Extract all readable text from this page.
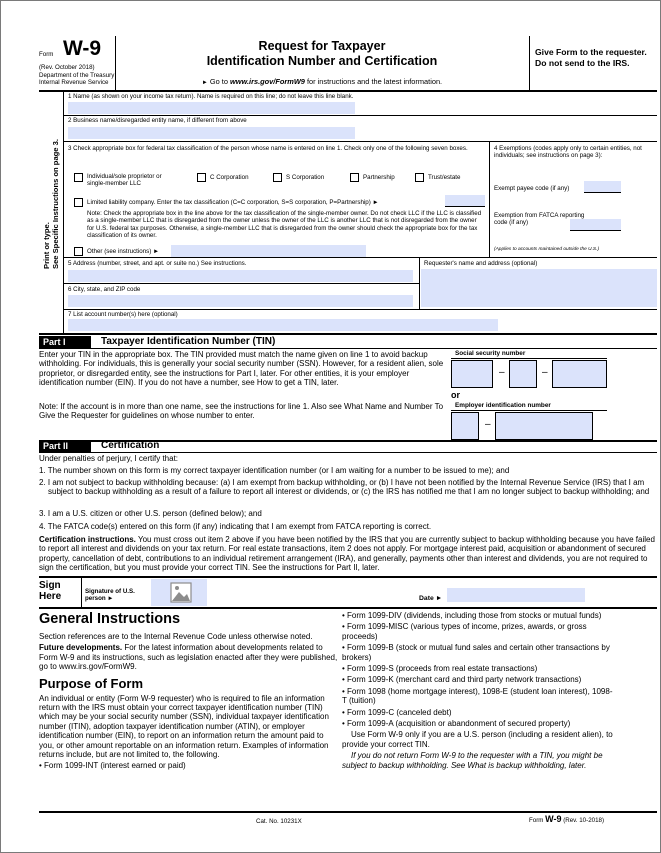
Form W-9
(Rev. October 2018)
Department of the Treasury
Internal Revenue Service
Request for Taxpayer
Identification Number and Certification
► Go to www.irs.gov/FormW9 for instructions and the latest information.
Give Form to the requester. Do not send to the IRS.
Print or type. See Specific Instructions on page 3.
1 Name (as shown on your income tax return). Name is required on this line; do not leave this line blank.
2 Business name/disregarded entity name, if different from above
3 Check appropriate box for federal tax classification of the person whose name is entered on line 1. Check only one of the following seven boxes.
Individual/sole proprietor or single-member LLC
C Corporation	S Corporation	Partnership	Trust/estate
Limited liability company. Enter the tax classification (C=C corporation, S=S corporation, P=Partnership) ►
Note: Check the appropriate box in the line above for the tax classification of the single-member owner. Do not check LLC if the LLC is classified as a single-member LLC that is disregarded from the owner unless the owner of the LLC is another LLC that is not disregarded from the owner for U.S. federal tax purposes. Otherwise, a single-member LLC that is disregarded from the owner should check the appropriate box for the tax classification of its owner.
Other (see instructions) ►
4 Exemptions (codes apply only to certain entities, not individuals; see instructions on page 3):
Exempt payee code (if any)
Exemption from FATCA reporting code (if any)
(Applies to accounts maintained outside the U.S.)
5 Address (number, street, and apt. or suite no.) See instructions.	Requester's name and address (optional)
6 City, state, and ZIP code
7 List account number(s) here (optional)
Part I	Taxpayer Identification Number (TIN)
Enter your TIN in the appropriate box. The TIN provided must match the name given on line 1 to avoid backup withholding. For individuals, this is generally your social security number (SSN). However, for a resident alien, sole proprietor, or disregarded entity, see the instructions for Part I, later. For other entities, it is your employer identification number (EIN). If you do not have a number, see How to get a TIN, later.
Note: If the account is in more than one name, see the instructions for line 1. Also see What Name and Number To Give the Requester for guidelines on whose number to enter.
Social security number
–	–
or
Employer identification number
–
Part II	Certification
Under penalties of perjury, I certify that:
1. The number shown on this form is my correct taxpayer identification number (or I am waiting for a number to be issued to me); and
2. I am not subject to backup withholding because: (a) I am exempt from backup withholding, or (b) I have not been notified by the Internal Revenue Service (IRS) that I am subject to backup withholding as a result of a failure to report all interest or dividends, or (c) the IRS has notified me that I am no longer subject to backup withholding; and
3. I am a U.S. citizen or other U.S. person (defined below); and
4. The FATCA code(s) entered on this form (if any) indicating that I am exempt from FATCA reporting is correct.
Certification instructions. You must cross out item 2 above if you have been notified by the IRS that you are currently subject to backup withholding because you have failed to report all interest and dividends on your tax return. For real estate transactions, item 2 does not apply. For mortgage interest paid, acquisition or abandonment of secured property, cancellation of debt, contributions to an individual retirement arrangement (IRA), and generally, payments other than interest and dividends, you are not required to sign the certification, but you must provide your correct TIN. See the instructions for Part II, later.
Sign Here	Signature of U.S. person ►	Date ►
General Instructions

Section references are to the Internal Revenue Code unless otherwise noted.

Future developments. For the latest information about developments related to Form W-9 and its instructions, such as legislation enacted after they were published, go to www.irs.gov/FormW9.

Purpose of Form

An individual or entity (Form W-9 requester) who is required to file an information return with the IRS must obtain your correct taxpayer identification number (TIN) which may be your social security number (SSN), individual taxpayer identification number (ITIN), adoption taxpayer identification number (ATIN), or employer identification number (EIN), to report on an information return the amount paid to you, or other amount reportable on an information return. Examples of information returns include, but are not limited to, the following.

• Form 1099-INT (interest earned or paid)

• Form 1099-DIV (dividends, including those from stocks or mutual funds)

• Form 1099-MISC (various types of income, prizes, awards, or gross proceeds)

• Form 1099-B (stock or mutual fund sales and certain other transactions by brokers)

• Form 1099-S (proceeds from real estate transactions)

• Form 1099-K (merchant card and third party network transactions)

• Form 1098 (home mortgage interest), 1098-E (student loan interest), 1098-T (tuition)

• Form 1099-C (canceled debt)

• Form 1099-A (acquisition or abandonment of secured property)

Use Form W-9 only if you are a U.S. person (including a resident alien), to provide your correct TIN.

If you do not return Form W-9 to the requester with a TIN, you might be subject to backup withholding. See What is backup withholding, later.

Cat. No. 10231X	Form W-9 (Rev. 10-2018)
